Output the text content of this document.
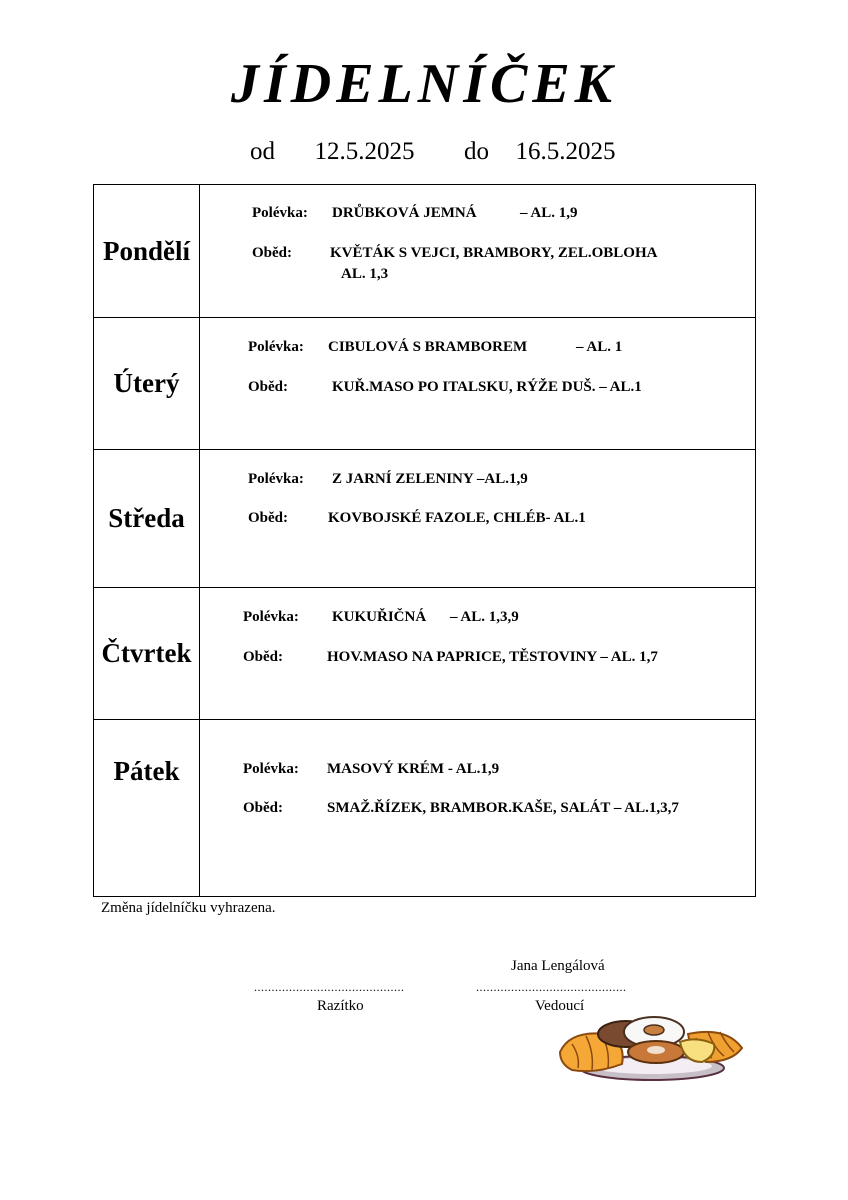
JÍDELNÍČEK
od 12.5.2025 do 16.5.2025
Pondělí	Polévka: DRŮBKOVÁ JEMNÁ – AL. 1,9
Oběd: KVĚTÁK S VEJCI, BRAMBORY, ZEL.OBLOHA
AL. 1,3

Úterý	Polévka: CIBULOVÁ S BRAMBOREM – AL. 1
Oběd: KUŘ.MASO PO ITALSKU, RÝŽE DUŠ. – AL.1

Středa	Polévka: Z JARNÍ ZELENINY –AL.1,9
Oběd: KOVBOJSKÉ FAZOLE, CHLÉB- AL.1

Čtvrtek	Polévka: KUKUŘIČNÁ – AL. 1,3,9
Oběd: HOV.MASO NA PAPRICE, TĚSTOVINY – AL. 1,7

Pátek	Polévka: MASOVÝ KRÉM - AL.1,9
Oběd: SMAŽ.ŘÍZEK, BRAMBOR.KAŠE, SALÁT – AL.1,3,7
Změna jídelníčku vyhrazena.
Jana Lengálová
...........................................	...........................................
Razítko	Vedoucí
